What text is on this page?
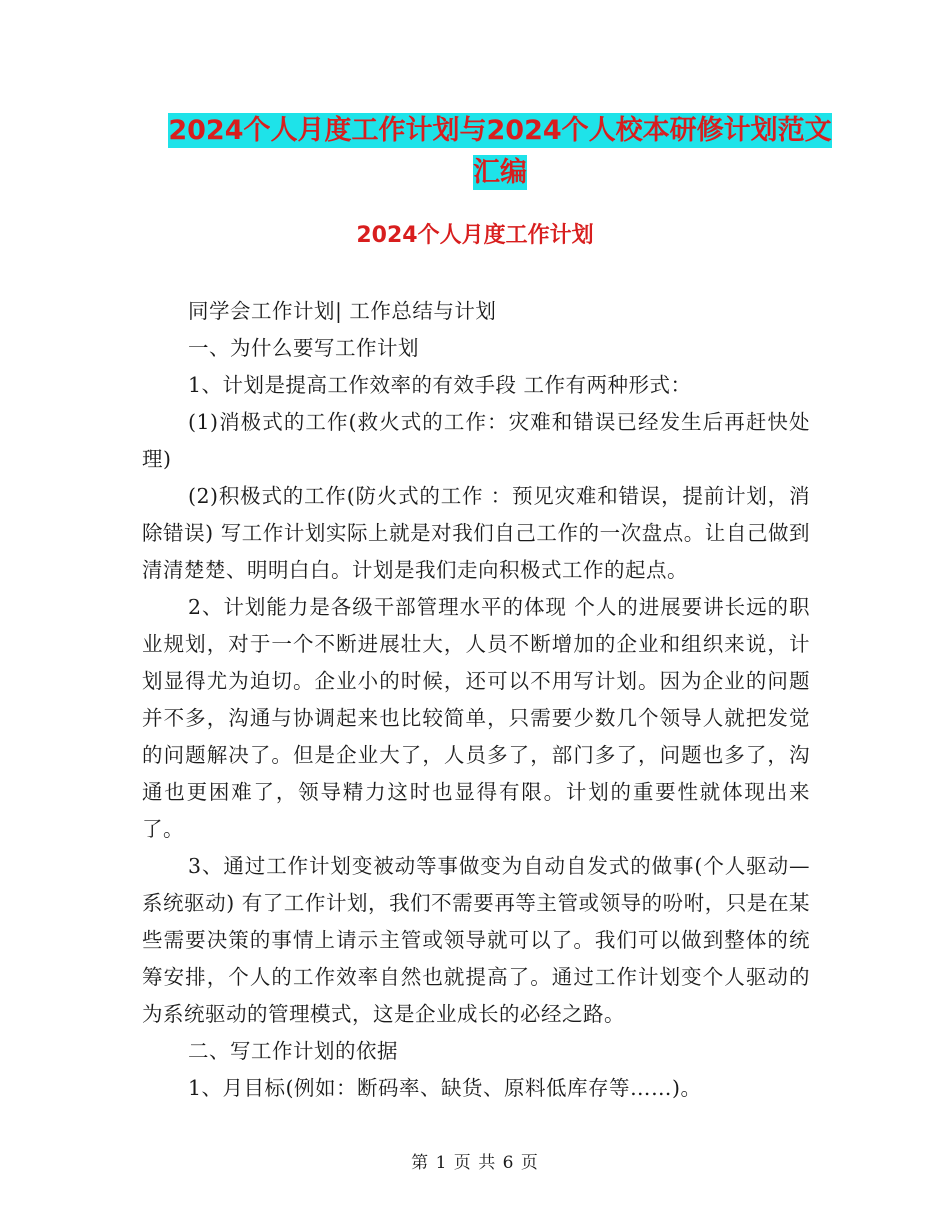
2024个人月度工作计划与2024个人校本研修计划范文
汇编
2024个人月度工作计划

同学会工作计划| 工作总结与计划

一、为什么要写工作计划

1、计划是提高工作效率的有效手段 工作有两种形式：

(1)消极式的工作(救火式的工作：灾难和错误已经发生后再赶快处理)

(2)积极式的工作(防火式的工作 ：预见灾难和错误，提前计划，消除错误) 写工作计划实际上就是对我们自己工作的一次盘点。让自己做到清清楚楚、明明白白。计划是我们走向积极式工作的起点。

2、计划能力是各级干部管理水平的体现 个人的进展要讲长远的职业规划，对于一个不断进展壮大，人员不断增加的企业和组织来说，计划显得尤为迫切。企业小的时候，还可以不用写计划。因为企业的问题并不多，沟通与协调起来也比较简单，只需要少数几个领导人就把发觉的问题解决了。但是企业大了，人员多了，部门多了，问题也多了，沟通也更困难了，领导精力这时也显得有限。计划的重要性就体现出来了。

3、通过工作计划变被动等事做变为自动自发式的做事(个人驱动—系统驱动) 有了工作计划，我们不需要再等主管或领导的吩咐，只是在某些需要决策的事情上请示主管或领导就可以了。我们可以做到整体的统筹安排，个人的工作效率自然也就提高了。通过工作计划变个人驱动的为系统驱动的管理模式，这是企业成长的必经之路。

二、写工作计划的依据

1、月目标(例如：断码率、缺货、原料低库存等……)。

第 1 页 共 6 页
